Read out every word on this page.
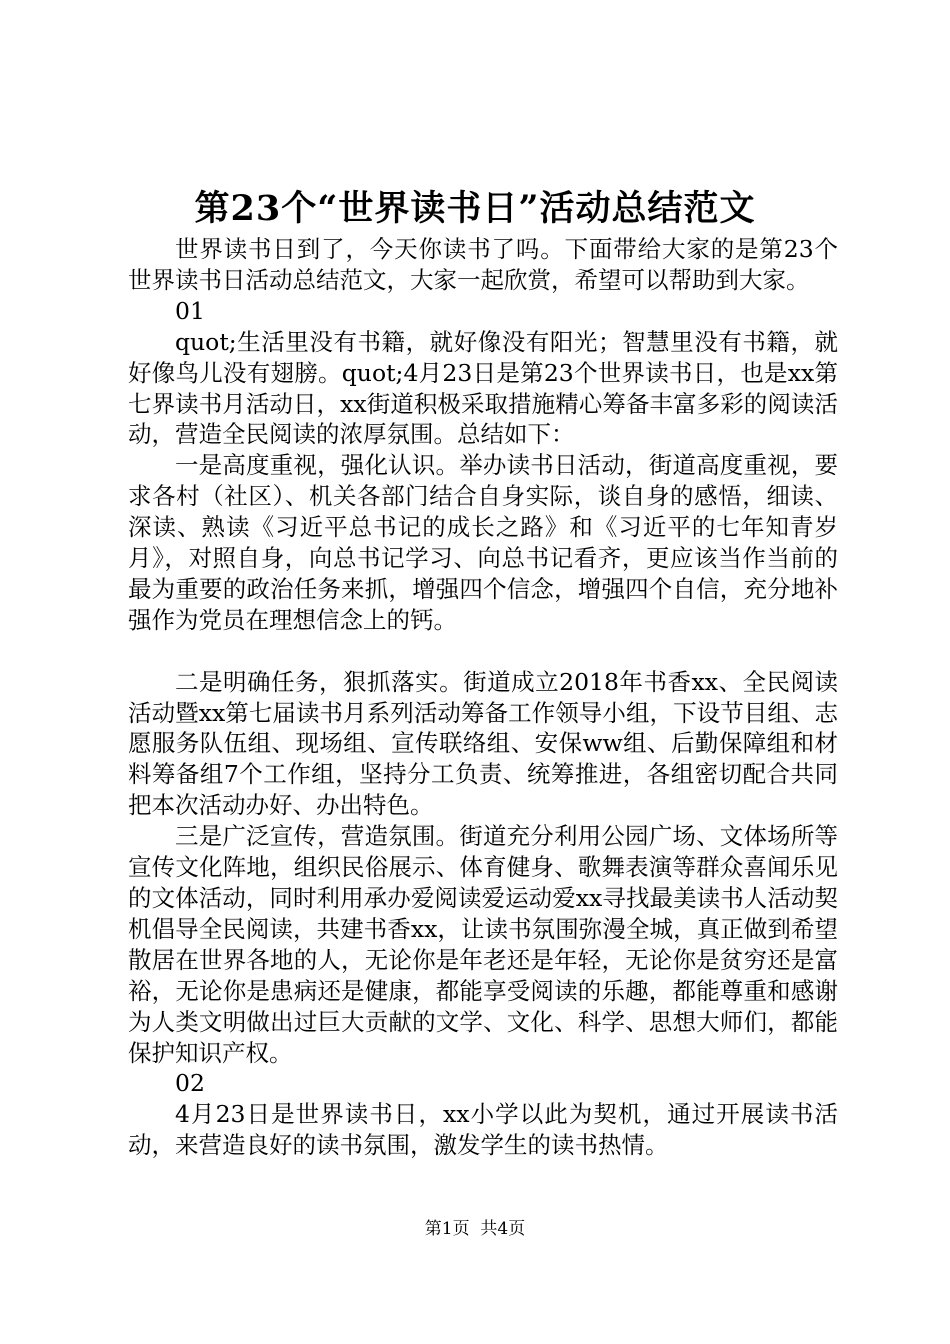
第23个“世界读书日”活动总结范文

世界读书日到了，今天你读书了吗。下面带给大家的是第23个世界读书日活动总结范文，大家一起欣赏，希望可以帮助到大家。

01

quot;生活里没有书籍，就好像没有阳光；智慧里没有书籍，就好像鸟儿没有翅膀。quot;4月23日是第23个世界读书日，也是xx第七界读书月活动日，xx街道积极采取措施精心筹备丰富多彩的阅读活动，营造全民阅读的浓厚氛围。总结如下：

一是高度重视，强化认识。举办读书日活动，街道高度重视，要求各村（社区）、机关各部门结合自身实际，谈自身的感悟，细读、深读、熟读《习近平总书记的成长之路》和《习近平的七年知青岁月》，对照自身，向总书记学习、向总书记看齐，更应该当作当前的最为重要的政治任务来抓，增强四个信念，增强四个自信，充分地补强作为党员在理想信念上的钙。

二是明确任务，狠抓落实。街道成立2018年书香xx、全民阅读活动暨xx第七届读书月系列活动筹备工作领导小组，下设节目组、志愿服务队伍组、现场组、宣传联络组、安保ww组、后勤保障组和材料筹备组7个工作组，坚持分工负责、统筹推进，各组密切配合共同把本次活动办好、办出特色。

三是广泛宣传，营造氛围。街道充分利用公园广场、文体场所等宣传文化阵地，组织民俗展示、体育健身、歌舞表演等群众喜闻乐见的文体活动，同时利用承办爱阅读爱运动爱xx寻找最美读书人活动契机倡导全民阅读，共建书香xx，让读书氛围弥漫全城，真正做到希望散居在世界各地的人，无论你是年老还是年轻，无论你是贫穷还是富裕，无论你是患病还是健康，都能享受阅读的乐趣，都能尊重和感谢为人类文明做出过巨大贡献的文学、文化、科学、思想大师们，都能保护知识产权。

02

4月23日是世界读书日，xx小学以此为契机，通过开展读书活动，来营造良好的读书氛围，激发学生的读书热情。

第1页 共4页
